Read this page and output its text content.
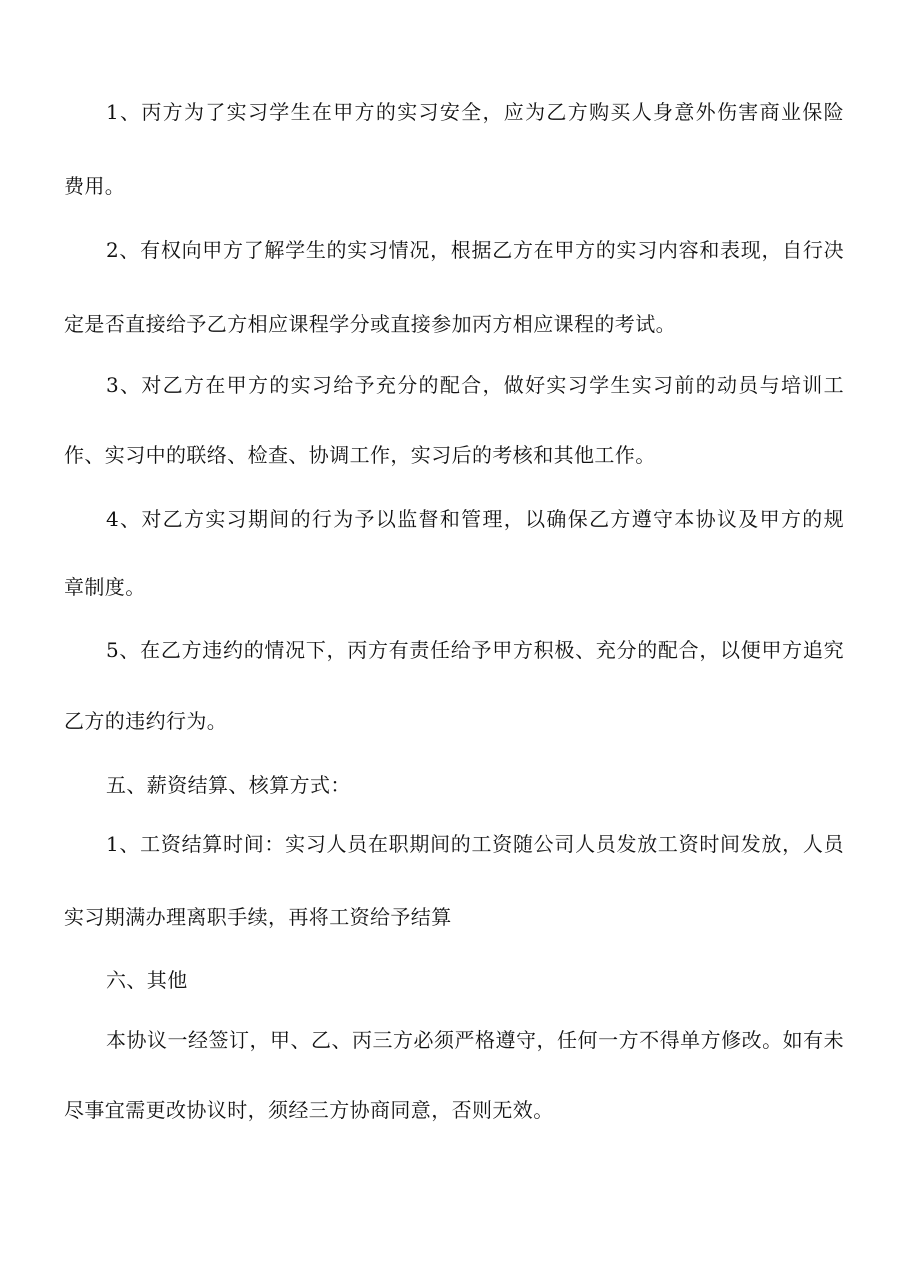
1、丙方为了实习学生在甲方的实习安全，应为乙方购买人身意外伤害商业保险
费用。
2、有权向甲方了解学生的实习情况，根据乙方在甲方的实习内容和表现，自行决
定是否直接给予乙方相应课程学分或直接参加丙方相应课程的考试。
3、对乙方在甲方的实习给予充分的配合，做好实习学生实习前的动员与培训工
作、实习中的联络、检查、协调工作，实习后的考核和其他工作。
4、对乙方实习期间的行为予以监督和管理，以确保乙方遵守本协议及甲方的规
章制度。
5、在乙方违约的情况下，丙方有责任给予甲方积极、充分的配合，以便甲方追究
乙方的违约行为。
五、薪资结算、核算方式：
1、工资结算时间：实习人员在职期间的工资随公司人员发放工资时间发放，人员
实习期满办理离职手续，再将工资给予结算
六、其他
本协议一经签订，甲、乙、丙三方必须严格遵守，任何一方不得单方修改。如有未
尽事宜需更改协议时，须经三方协商同意，否则无效。
